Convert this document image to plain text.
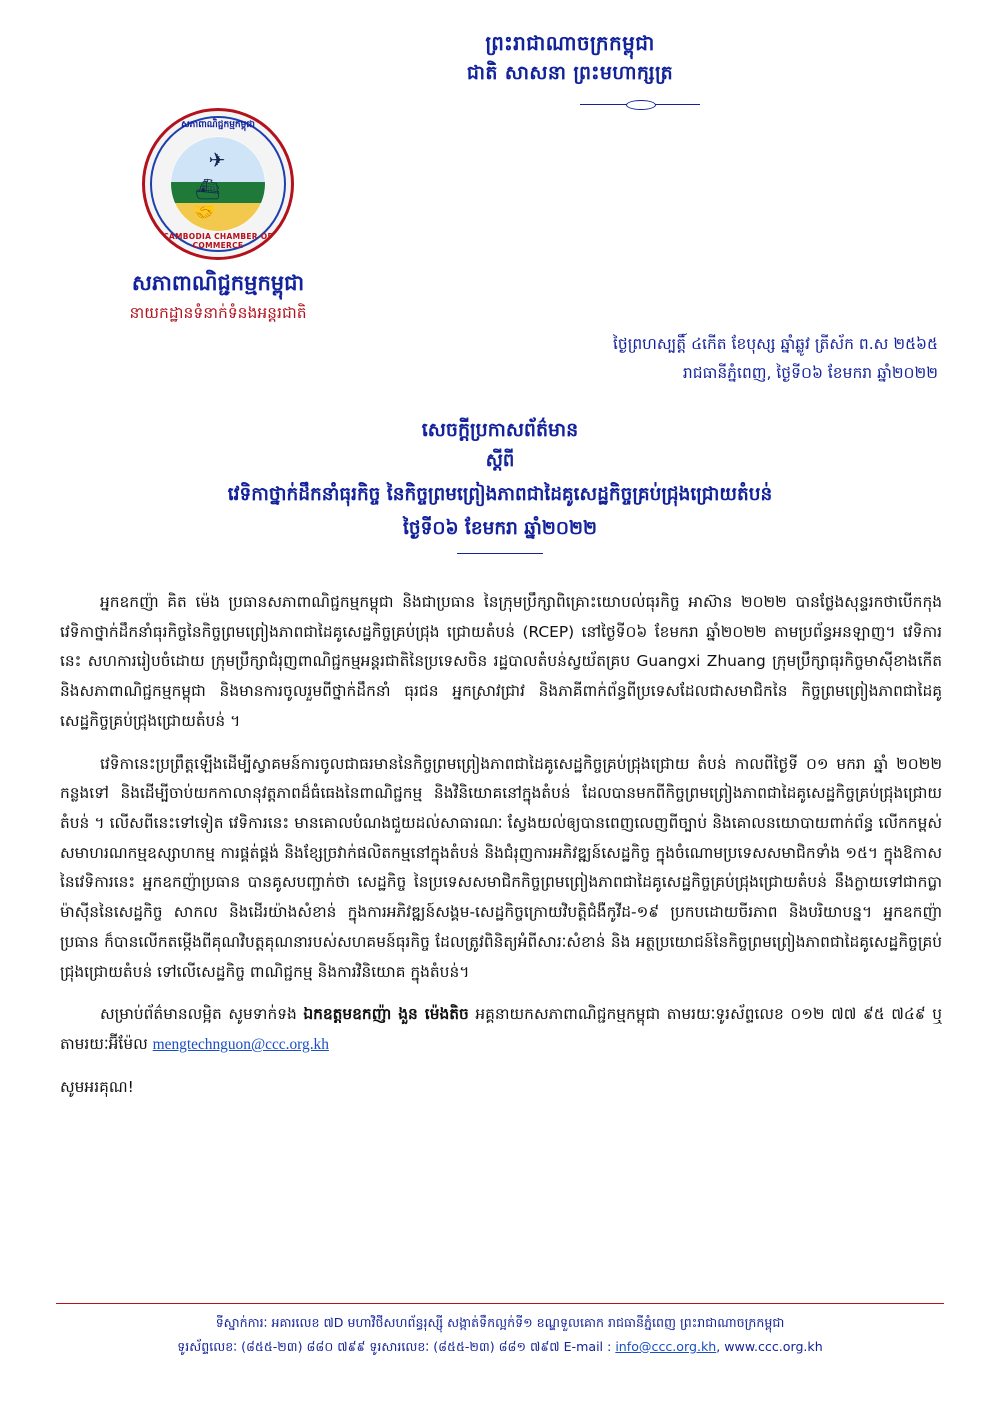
ព្រះរាជាណាចក្រកម្ពុជា
ជាតិ សាសនា ព្រះមហាក្សត្រ
សភាពាណិជ្ជកម្មកម្ពុជា
✈
⛴
🤝
CAMBODIA CHAMBER OF COMMERCE
សភាពាណិជ្ជកម្មកម្ពុជា
នាយកដ្ឋានទំនាក់ទំនងអន្តរជាតិ
ថ្ងៃព្រហស្បត្តិ៍ ៤កើត ខែបុស្ស ឆ្នាំឆ្លូវ ត្រីស័ក ព.ស ២៥៦៥
រាជធានីភ្នំពេញ, ថ្ងៃទី០៦ ខែមករា ឆ្នាំ២០២២
សេចក្ដីប្រកាសព័ត៌មាន
ស្ដីពី
វេទិកាថ្នាក់ដឹកនាំធុរកិច្ច នៃកិច្ចព្រមព្រៀងភាពជាដៃគូសេដ្ឋកិច្ចគ្រប់ជ្រុងជ្រោយតំបន់
ថ្ងៃទី០៦ ខែមករា ឆ្នាំ២០២២

អ្នកឧកញ៉ា គិត ម៉េង ប្រធានសភាពាណិជ្ជកម្មកម្ពុជា និងជាប្រធាន នៃក្រុមប្រឹក្សាពិគ្រោះយោបល់ធុរកិច្ច អាស៊ាន ២០២២ បានថ្លែងសុន្ទរកថាបើកកុង វេទិកាថ្នាក់ដឹកនាំធុរកិច្ចនៃកិច្ចព្រមព្រៀងភាពជាដៃគូសេដ្ឋកិច្ចគ្រប់ជ្រុង ជ្រោយតំបន់ (RCEP) នៅថ្ងៃទី០៦ ខែមករា ឆ្នាំ២០២២ តាមប្រព័ន្ធអនឡាញ។ វេទិការនេះ សហការរៀបចំដោយ ក្រុមប្រឹក្សាជំរុញពាណិជ្ជកម្មអន្តរជាតិនៃប្រទេសចិន រដ្ឋបាលតំបន់ស្វយ័តគ្រប Guangxi Zhuang ក្រុមប្រឹក្សាធុរកិច្ចមាស៊ីខាងកើត និងសភាពាណិជ្ជកម្មកម្ពុជា និងមានការចូលរួមពីថ្នាក់ដឹកនាំ ធុរជន អ្នកស្រាវជ្រាវ និងភាគីពាក់ព័ន្ធពីប្រទេសដែលជាសមាជិកនៃ កិច្ចព្រមព្រៀងភាពជាដៃគូសេដ្ឋកិច្ចគ្រប់ជ្រុងជ្រោយតំបន់ ។

វេទិកានេះប្រព្រឹត្តឡើងដើម្បីស្វាគមន៍ការចូលជាធរមាននៃកិច្ចព្រមព្រៀងភាពជាដៃគូសេដ្ឋកិច្ចគ្រប់ជ្រុងជ្រោយ តំបន់ កាលពីថ្ងៃទី ០១ មករា ឆ្នាំ ២០២២ កន្លងទៅ និងដើម្បីចាប់យកកាលានុវត្តភាពដ៏ធំធេងនៃពាណិជ្ជកម្ម និងវិនិយោគនៅក្នុងតំបន់ ដែលបានមកពីកិច្ចព្រមព្រៀងភាពជាដៃគូសេដ្ឋកិច្ចគ្រប់ជ្រុងជ្រោយតំបន់ ។ លើសពីនេះទៅទៀត វេទិការនេះ មានគោលបំណងជួយដល់សាធារណៈ ស្វែងយល់ឲ្យបានពេញលេញពីច្បាប់ និងគោលនយោបាយពាក់ព័ន្ធ លើកកម្ពស់សមាហរណកម្មឧស្សាហកម្ម ការផ្គត់ផ្គង់ និងខ្សែច្រវាក់ផលិតកម្មនៅក្នុងតំបន់ និងជំរុញការអភិវឌ្ឍន៍សេដ្ឋកិច្ច ក្នុងចំណោមប្រទេសសមាជិកទាំង ១៥។ ក្នុងឱកាសនៃវេទិការនេះ អ្នកឧកញ៉ាប្រធាន បានគូសបញ្ជាក់ថា សេដ្ឋកិច្ច នៃប្រទេសសមាជិកកិច្ចព្រមព្រៀងភាពជាដៃគូសេដ្ឋកិច្ចគ្រប់ជ្រុងជ្រោយតំបន់ នឹងក្លាយទៅជាកប្លាម៉ាស៊ីននៃសេដ្ឋកិច្ច សាកល និងដើរយ៉ាងសំខាន់ ក្នុងការអភិវឌ្ឍន៍សង្គម-សេដ្ឋកិច្ចក្រោយវិបត្តិជំងឺកូវីដ-១៩ ប្រកបដោយចីរភាព និងបរិយាបន្ន។ អ្នកឧកញ៉ាប្រធាន ក៏បានលើកតម្កើងពីគុណវិបត្តគុណនារបស់សហគមន៍ធុរកិច្ច ដែលត្រូវពិនិត្យអំពីសារៈសំខាន់ និង អត្ថប្រយោជន៍នៃកិច្ចព្រមព្រៀងភាពជាដៃគូសេដ្ឋកិច្ចគ្រប់ជ្រុងជ្រោយតំបន់ ទៅលើសេដ្ឋកិច្ច ពាណិជ្ជកម្ម និងការវិនិយោគ ក្នុងតំបន់។

សម្រាប់ព័ត៌មានលម្អិត សូមទាក់ទង ឯកឧត្តមឧកញ៉ា ងួន ម៉េងតិច អគ្គនាយកសភាពាណិជ្ជកម្មកម្ពុជា តាមរយៈទូរស័ព្ទលេខ ០១២ ៧៧ ៩៥ ៧៤៩ ឬ តាមរយៈអ៊ីម៉ែល mengtechnguon@ccc.org.kh

សូមអរគុណ!

ទីស្នាក់ការៈ អគារលេខ ៧D មហាវិថីសហព័ន្ធរុស្ស៊ី សង្កាត់ទឹកល្អក់ទី១ ខណ្ឌទួលគោក រាជធានីភ្នំពេញ ព្រះរាជាណាចក្រកម្ពុជា
ទូរស័ព្ទលេខៈ (៨៥៥-២៣) ៨៨០ ៧៩៩ ទូរសារលេខៈ (៨៥៥-២៣) ៨៨១ ៧៩៧ E-mail : info@ccc.org.kh, www.ccc.org.kh
